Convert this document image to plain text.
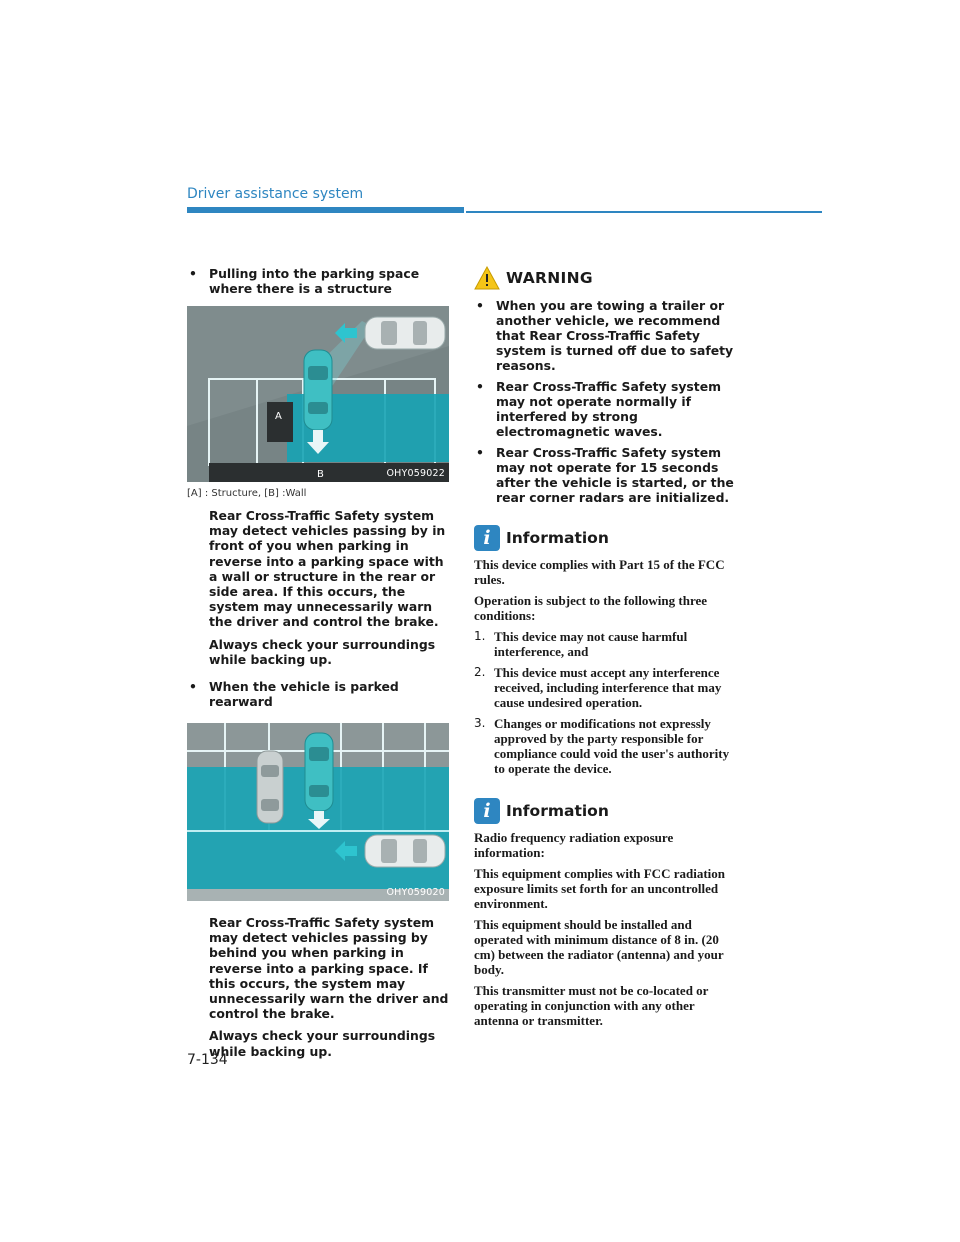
Driver assistance system
• Pulling into the parking space where there is a structure
B
A
OHY059022
[A] : Structure, [B] :Wall
Rear Cross-Traffic Safety system may detect vehicles passing by in front of you when parking in reverse into a parking space with a wall or structure in the rear or side area. If this occurs, the system may unnecessarily warn the driver and control the brake.
Always check your surroundings while backing up.
• When the vehicle is parked rearward
OHY059020
Rear Cross-Traffic Safety system may detect vehicles passing by behind you when parking in reverse into a parking space. If this occurs, the system may unnecessarily warn the driver and control the brake.
Always check your surroundings while backing up.
WARNING
• When you are towing a trailer or another vehicle, we recommend that Rear Cross-Traffic Safety system is turned off due to safety reasons.
• Rear Cross-Traffic Safety system may not operate normally if interfered by strong electromagnetic waves.
• Rear Cross-Traffic Safety system may not operate for 15 seconds after the vehicle is started, or the rear corner radars are initialized.
i Information

This device complies with Part 15 of the FCC rules.

Operation is subject to the following three conditions:

1. This device may not cause harmful interference, and
2. This device must accept any interference received, including interference that may cause undesired operation.
3. Changes or modifications not expressly approved by the party responsible for compliance could void the user's authority to operate the device.
i Information

Radio frequency radiation exposure information:

This equipment complies with FCC radiation exposure limits set forth for an uncontrolled environment.

This equipment should be installed and operated with minimum distance of 8 in. (20 cm) between the radiator (antenna) and your body.

This transmitter must not be co-located or operating in conjunction with any other antenna or transmitter.

7-134
